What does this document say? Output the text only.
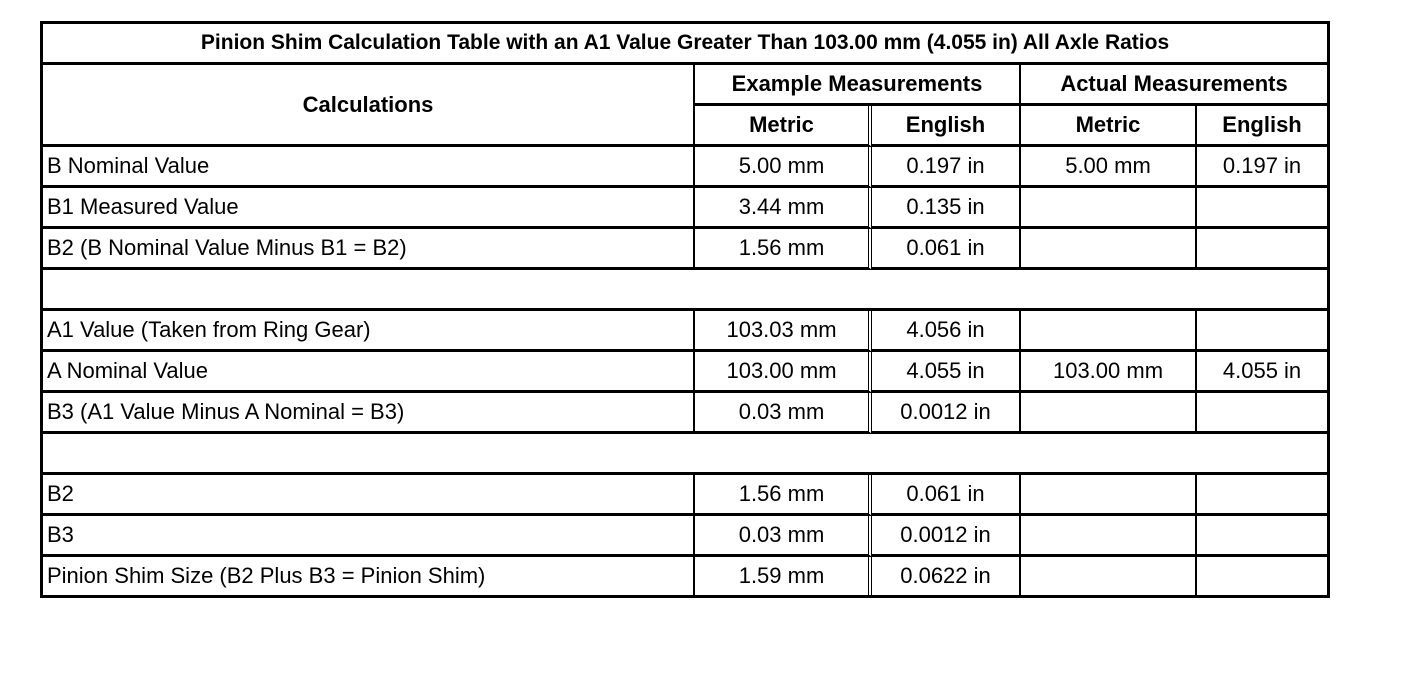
Pinion Shim Calculation Table with an A1 Value Greater Than 103.00 mm (4.055 in) All Axle Ratios				
Calculations	Example Measurements		Actual Measurements	
	Metric	English	Metric	English
B Nominal Value	5.00 mm	0.197 in	5.00 mm	0.197 in
B1 Measured Value	3.44 mm	0.135 in		
B2 (B Nominal Value Minus B1 = B2)	1.56 mm	0.061 in		

A1 Value (Taken from Ring Gear)	103.03 mm	4.056 in		
A Nominal Value	103.00 mm	4.055 in	103.00 mm	4.055 in
B3 (A1 Value Minus A Nominal = B3)	0.03 mm	0.0012 in		

B2	1.56 mm	0.061 in		
B3	0.03 mm	0.0012 in		
Pinion Shim Size (B2 Plus B3 = Pinion Shim)	1.59 mm	0.0622 in		
